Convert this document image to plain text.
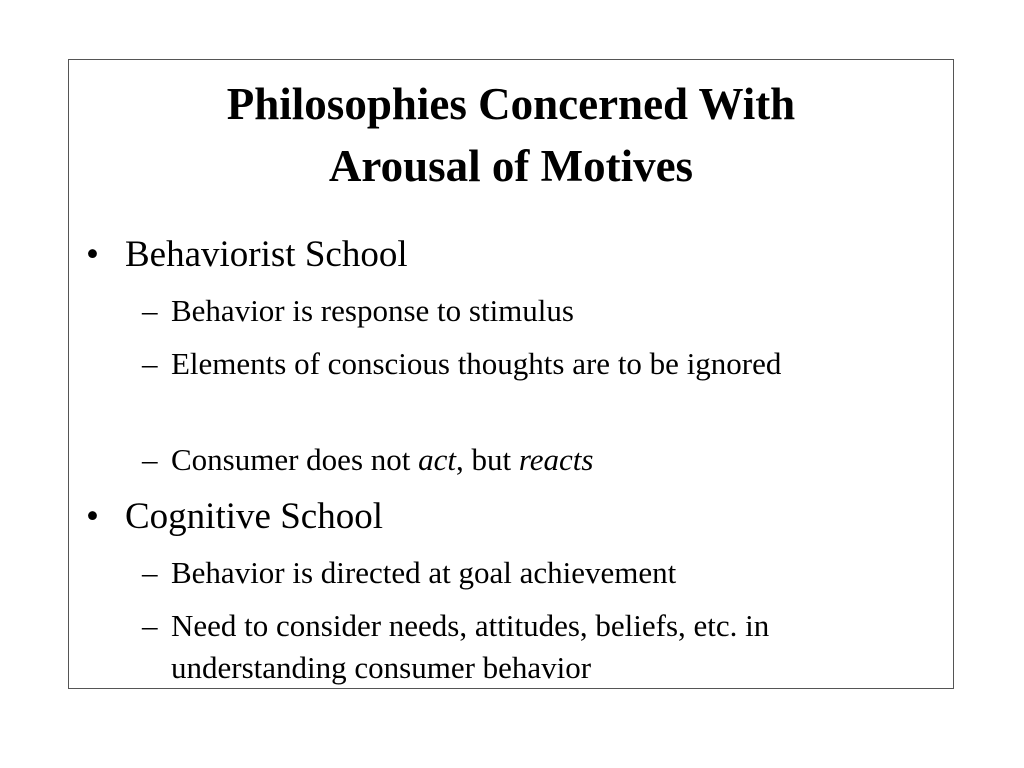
Philosophies Concerned With
Arousal of Motives
• Behaviorist School
– Behavior is response to stimulus
– Elements of conscious thoughts are to be ignored
– Consumer does not act, but reacts
• Cognitive School
– Behavior is directed at goal achievement
– Need to consider needs, attitudes, beliefs, etc. in understanding consumer behavior
